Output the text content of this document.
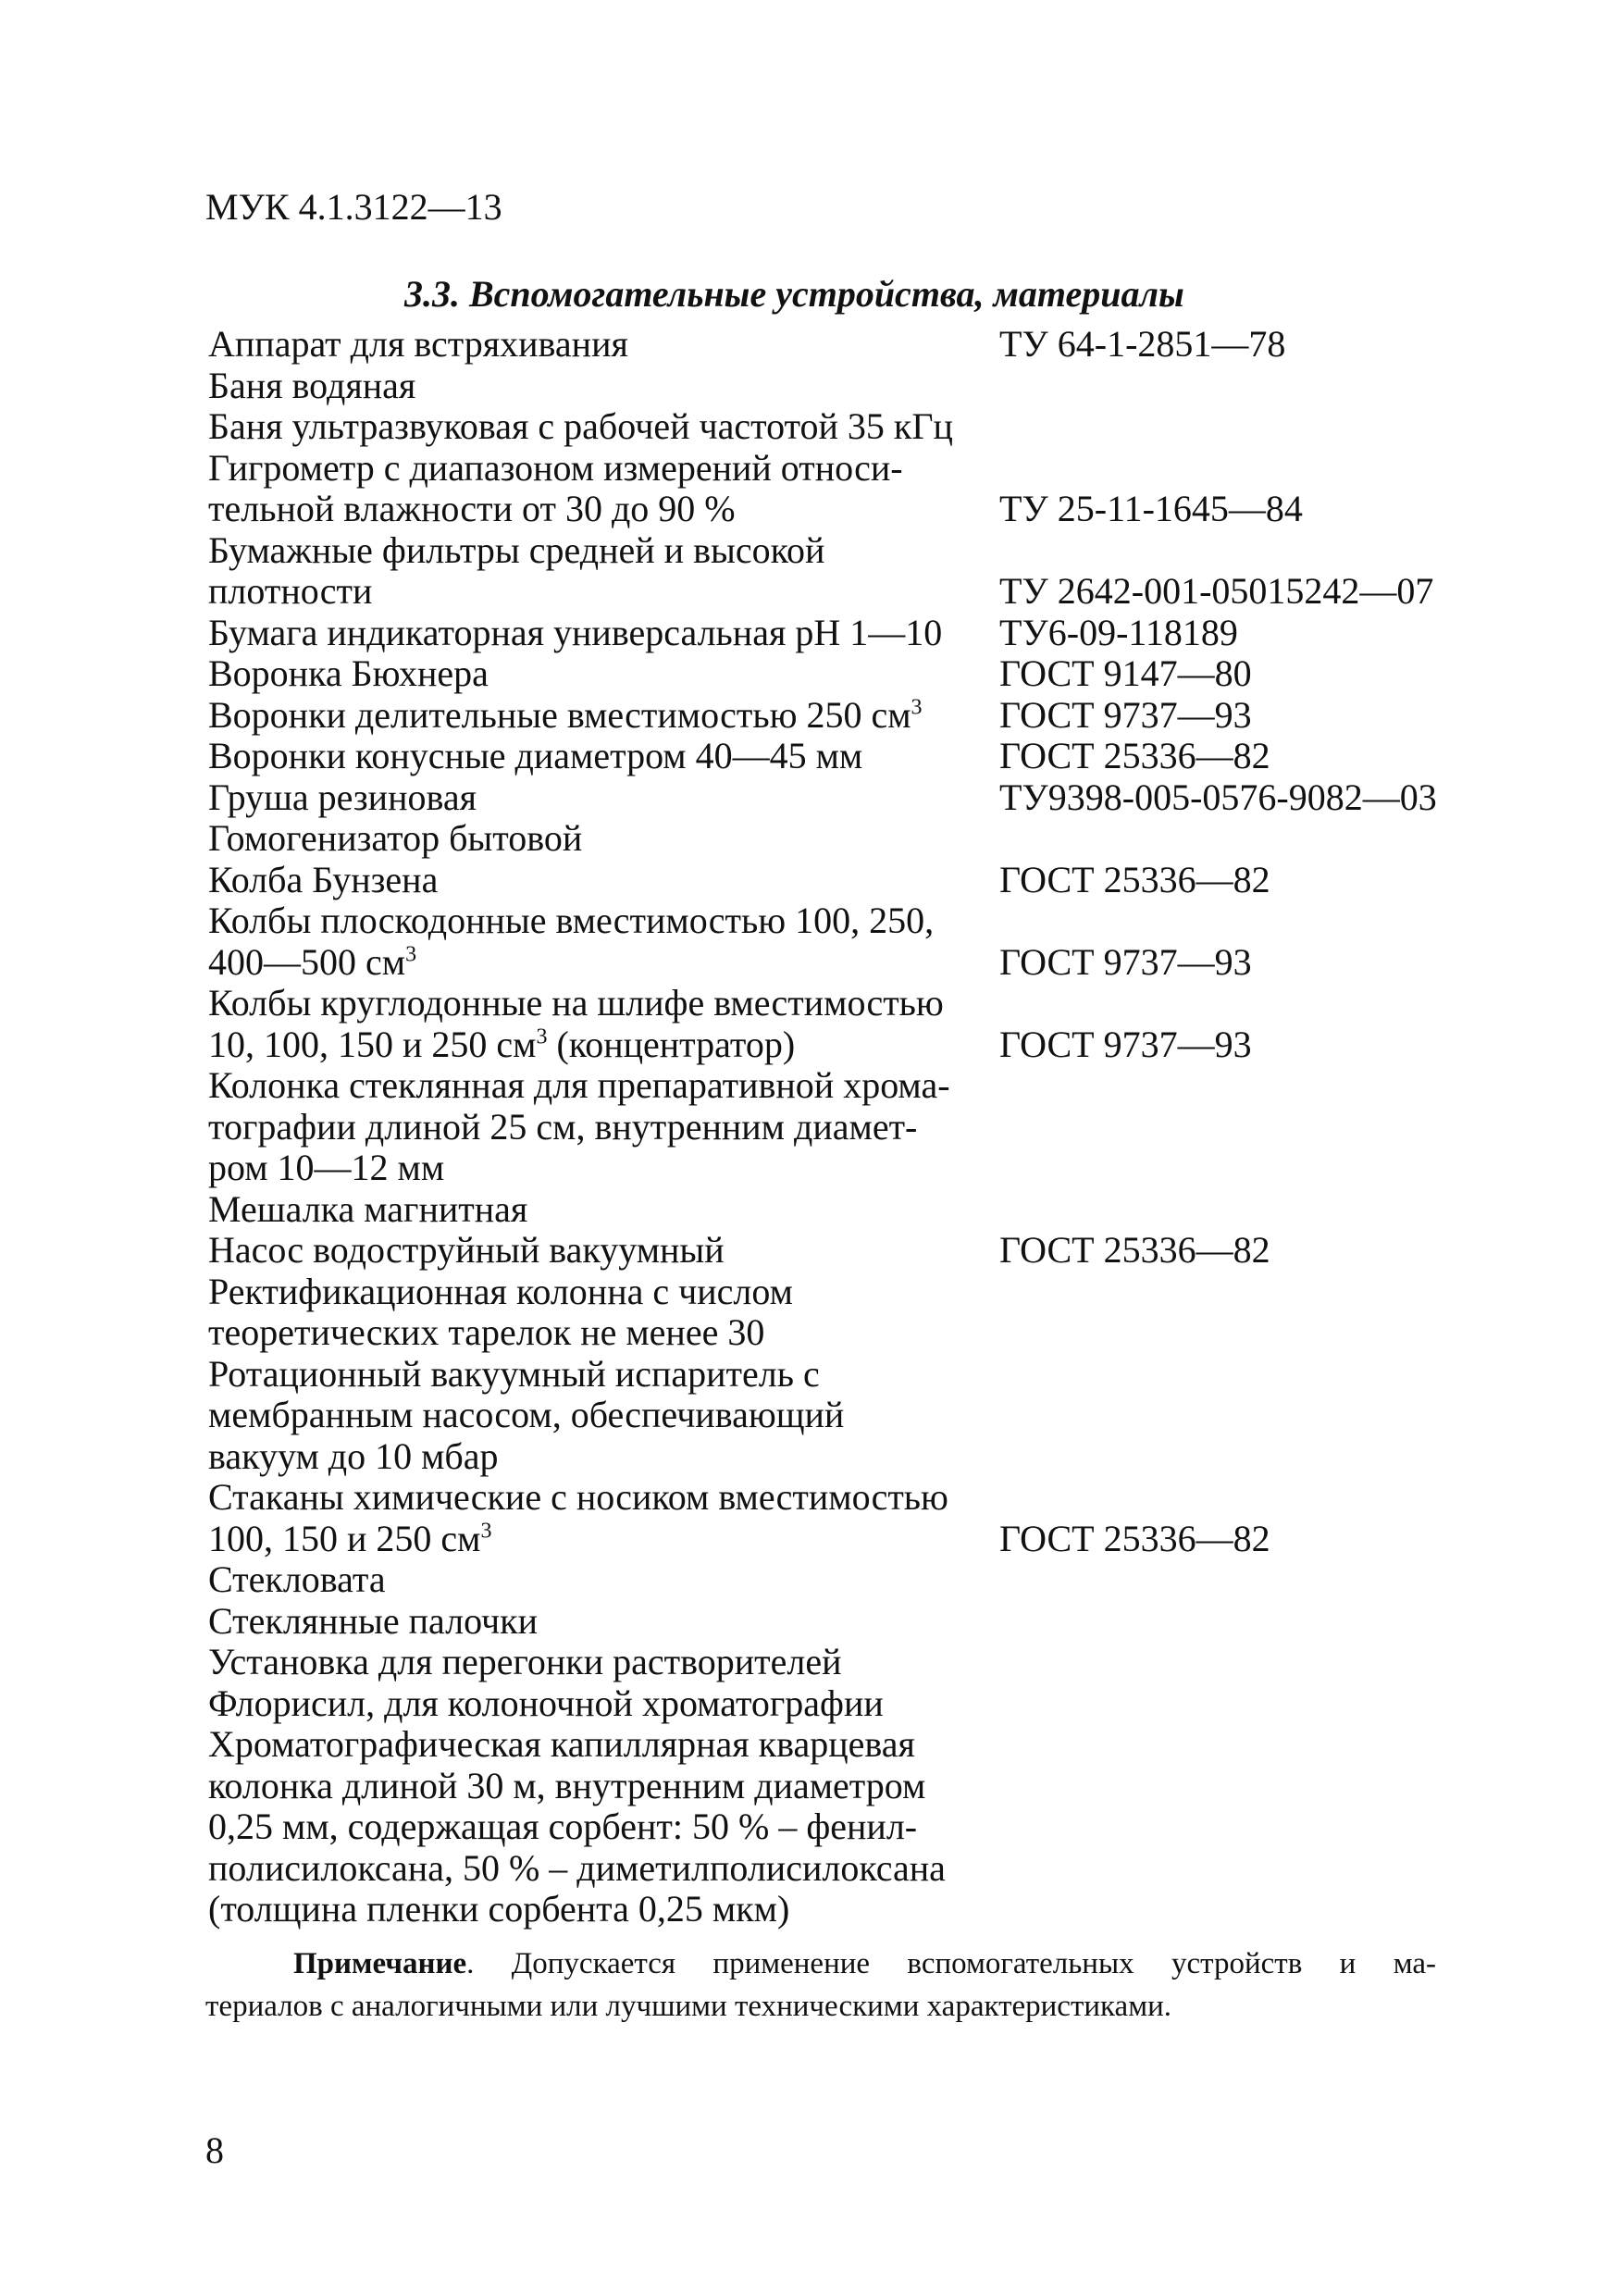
МУК 4.1.3122—13
3.3. Вспомогательные устройства, материалы
Аппарат для встряхивания	ТУ 64-1-2851—78
Баня водяная
Баня ультразвуковая с рабочей частотой 35 кГц
Гигрометр с диапазоном измерений относи-
тельной влажности от 30 до 90 %	ТУ 25-11-1645—84
Бумажные фильтры средней и высокой
плотности	ТУ 2642-001-05015242—07
Бумага индикаторная универсальная pH 1—10	ТУ6-09-118189
Воронка Бюхнера	ГОСТ 9147—80
Воронки делительные вместимостью 250 $см^3$	ГОСТ 9737—93
Воронки конусные диаметром 40—45 мм	ГОСТ 25336—82
Груша резиновая	ТУ9398-005-0576-9082—03
Гомогенизатор бытовой
Колба Бунзена	ГОСТ 25336—82
Колбы плоскодонные вместимостью 100, 250,
400—500 $см^3$	ГОСТ 9737—93
Колбы круглодонные на шлифе вместимостью
10, 100, 150 и 250 $см^3$ (концентратор)	ГОСТ 9737—93
Колонка стеклянная для препаративной хрома-
тографии длиной 25 см, внутренним диамет-
ром 10—12 мм
Мешалка магнитная
Насос водоструйный вакуумный	ГОСТ 25336—82
Ректификационная колонна с числом
теоретических тарелок не менее 30
Ротационный вакуумный испаритель с
мембранным насосом, обеспечивающий
вакуум до 10 мбар
Стаканы химические с носиком вместимостью
100, 150 и 250 $см^3$	ГОСТ 25336—82
Стекловата
Стеклянные палочки
Установка для перегонки растворителей
Флорисил, для колоночной хроматографии
Хроматографическая капиллярная кварцевая
колонка длиной 30 м, внутренним диаметром
0,25 мм, содержащая сорбент: 50 % – фенил-
полисилоксана, 50 % – диметилполисилоксана
(толщина пленки сорбента 0,25 мкм)
Примечание. Допускается применение вспомогательных устройств и ма-
териалов с аналогичными или лучшими техническими характеристиками.
8
